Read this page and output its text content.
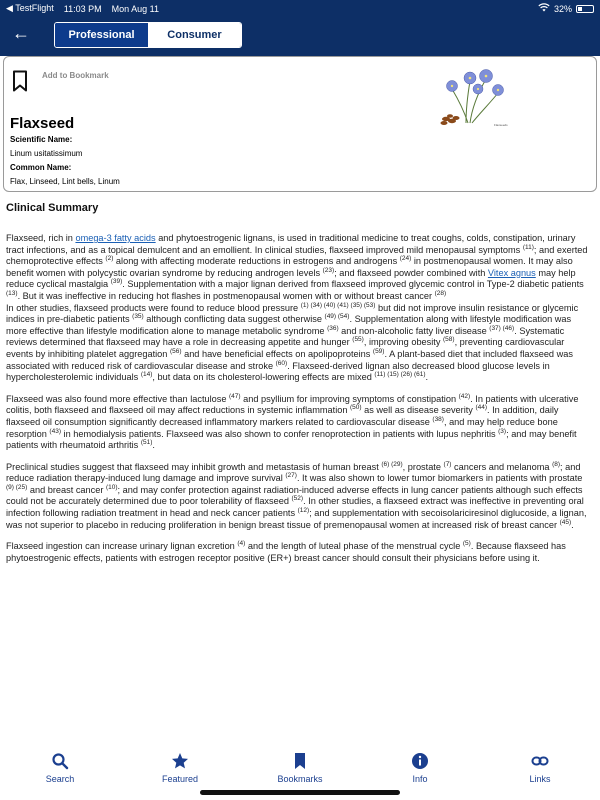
◀ TestFlight 11:03 PM Mon Aug 11	32%
←	Professional	Consumer
Add to Bookmark
Flaxseeds
Flaxseed
Scientific Name:
Linum usitatissimum
Common Name:
Flax, Linseed, Lint bells, Linum
Clinical Summary

Flaxseed, rich in omega-3 fatty acids and phytoestrogenic lignans, is used in traditional medicine to treat coughs, colds, constipation, urinary tract infections, and as a topical demulcent and an emollient. In clinical studies, flaxseed improved mild menopausal symptoms $^{(11)}$; and exerted chemoprotective effects $^{(2)}$ along with affecting moderate reductions in estrogens and androgens $^{(24)}$ in postmenopausal women. It may also benefit women with polycystic ovarian syndrome by reducing androgen levels $^{(23)}$; and flaxseed powder combined with Vitex agnus may help reduce cyclical mastalgia $^{(39)}$. Supplementation with a major lignan derived from flaxseed improved glycemic control in Type-2 diabetic patients $^{(13)}$. But it was ineffective in reducing hot flashes in postmenopausal women with or without breast cancer $^{(28)}$
In other studies, flaxseed products were found to reduce blood pressure $^{(1) (34) (40) (41) (35) (53)}$ but did not improve insulin resistance or glycemic indices in pre-diabetic patients $^{(35)}$ although conflicting data suggest otherwise $^{(49) (54)}$. Supplementation along with lifestyle modification was more effective than lifestyle modification alone to manage metabolic syndrome $^{(36)}$ and non-alcoholic fatty liver disease $^{(37) (46)}$. Systematic reviews determined that flaxseed may have a role in decreasing appetite and hunger $^{(55)}$, improving obesity $^{(58)}$, preventing cardiovascular events by inhibiting platelet aggregation $^{(56)}$ and have beneficial effects on apolipoproteins $^{(59)}$. A plant-based diet that included flaxseed was associated with reduced risk of cardiovascular disease and stroke $^{(60)}$. Flaxseed-derived lignan also decreased blood glucose levels in hypercholesterolemic individuals $^{(14)}$, but data on its cholesterol-lowering effects are mixed $^{(11) (15) (26) (61)}$.

Flaxseed was also found more effective than lactulose $^{(47)}$ and psyllium for improving symptoms of constipation $^{(42)}$. In patients with ulcerative colitis, both flaxseed and flaxseed oil may affect reductions in systemic inflammation $^{(50)}$ as well as disease severity $^{(44)}$. In addition, daily flaxseed oil consumption significantly decreased inflammatory markers related to cardiovascular disease $^{(38)}$, and may help reduce bone resorption $^{(43)}$ in hemodialysis patients. Flaxseed was also shown to confer renoprotection in patients with lupus nephritis $^{(3)}$; and may benefit patients with rheumatoid arthritis $^{(51)}$.

Preclinical studies suggest that flaxseed may inhibit growth and metastasis of human breast $^{(6) (29)}$, prostate $^{(7)}$ cancers and melanoma $^{(8)}$; and reduce radiation therapy-induced lung damage and improve survival $^{(27)}$. It was also shown to lower tumor biomarkers in patients with prostate $^{(9) (25)}$ and breast cancer $^{(10)}$; and may confer protection against radiation-induced adverse effects in lung cancer patients although such effects could not be accurately determined due to poor tolerability of flaxseed $^{(52)}$. In other studies, a flaxseed extract was ineffective in preventing oral infection following radiation treatment in head and neck cancer patients $^{(12)}$; and supplementation with secoisolariciresinol diglucoside, a lignan, was not superior to placebo in reducing proliferation in benign breast tissue of premenopausal women at increased risk of breast cancer $^{(45)}$.

Flaxseed ingestion can increase urinary lignan excretion $^{(4)}$ and the length of luteal phase of the menstrual cycle $^{(5)}$. Because flaxseed has phytoestrogenic effects, patients with estrogen receptor positive (ER+) breast cancer should consult their physicians before using it.

Search	Featured	Bookmarks	Info	Links
